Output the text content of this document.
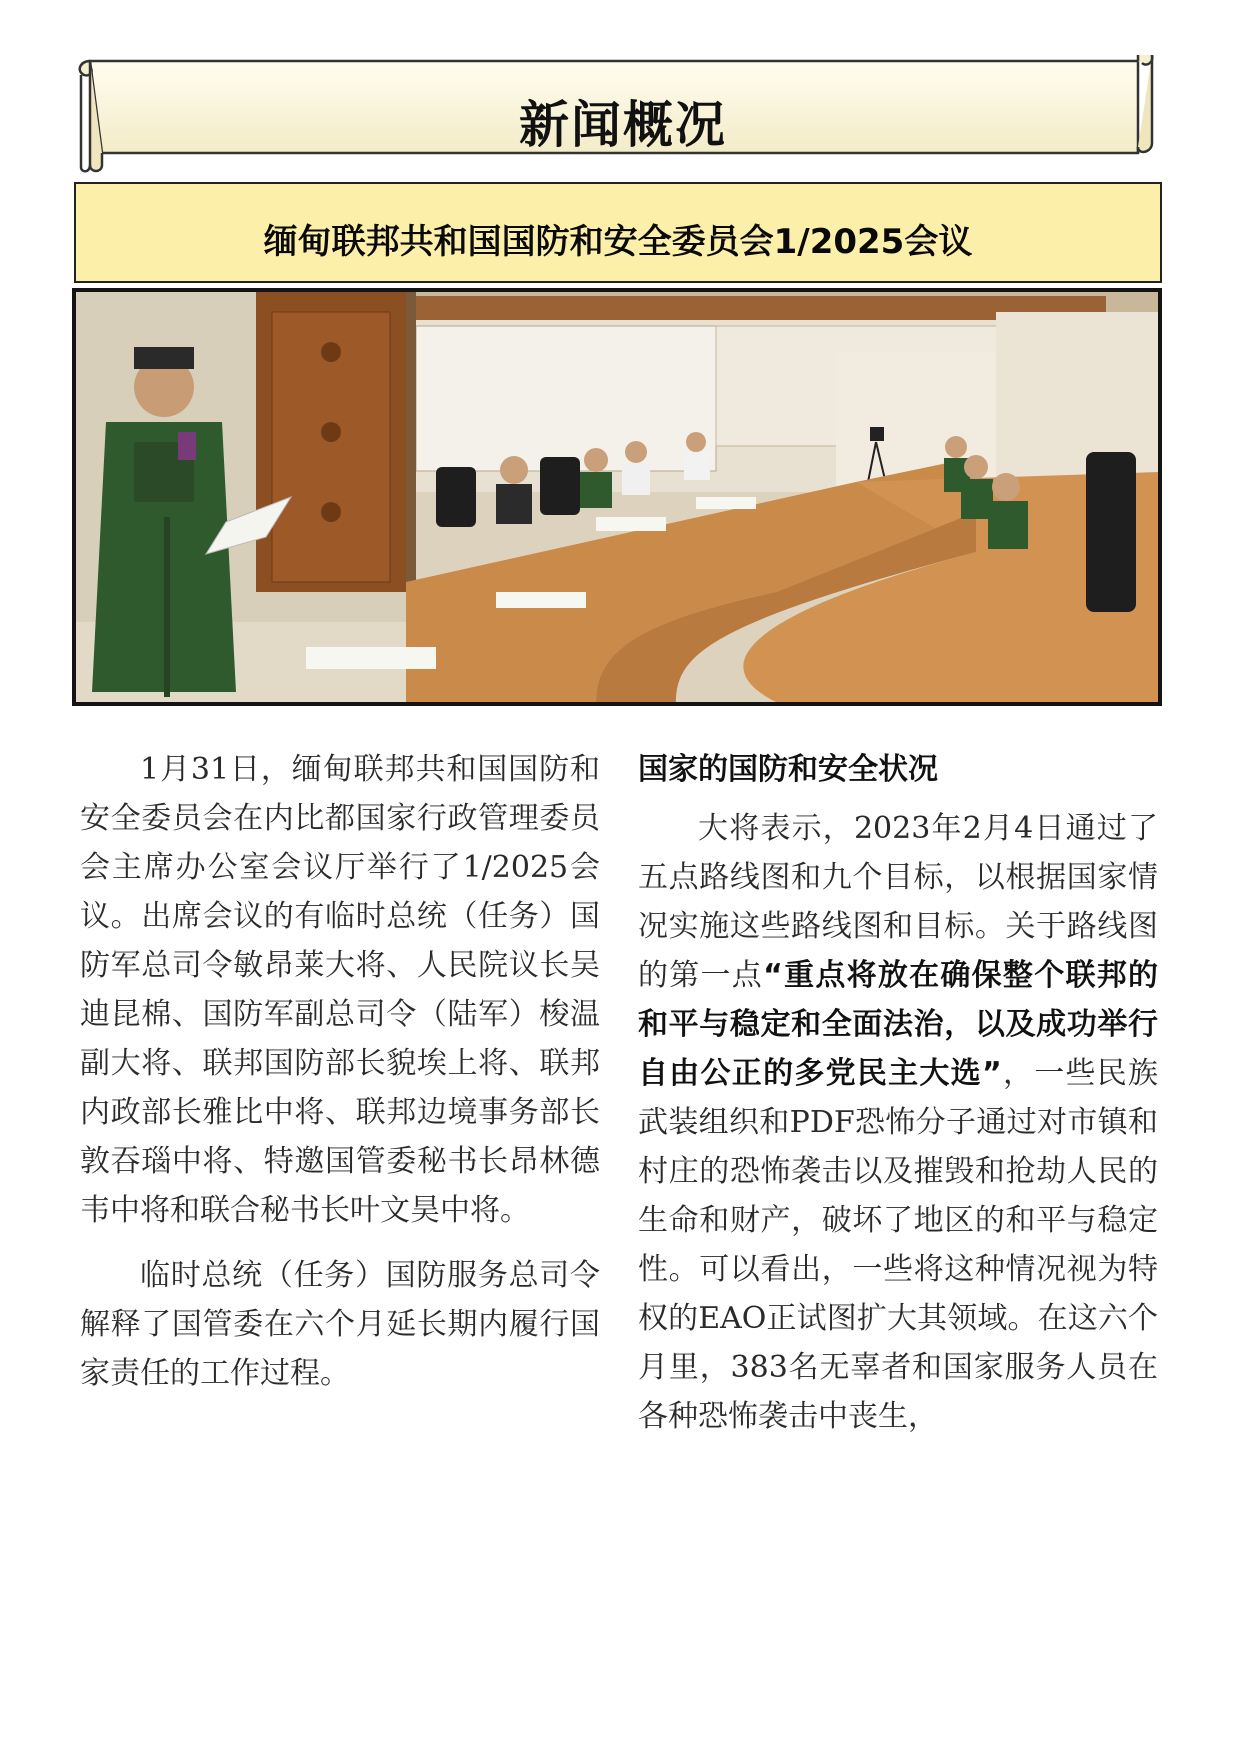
新闻概况
缅甸联邦共和国国防和安全委员会1/2025会议

1月31日，缅甸联邦共和国国防和安全委员会在内比都国家行政管理委员会主席办公室会议厅举行了1/2025会议。出席会议的有临时总统（任务）国防军总司令敏昂莱大将、人民院议长吴迪昆棉、国防军副总司令（陆军）梭温副大将、联邦国防部长貌埃上将、联邦内政部长雅比中将、联邦边境事务部长敦吞瑙中将、特邀国管委秘书长昂林德韦中将和联合秘书长叶文昊中将。

临时总统（任务）国防服务总司令解释了国管委在六个月延长期内履行国家责任的工作过程。

国家的国防和安全状况

大将表示，2023年2月4日通过了五点路线图和九个目标，以根据国家情况实施这些路线图和目标。关于路线图的第一点“重点将放在确保整个联邦的和平与稳定和全面法治，以及成功举行自由公正的多党民主大选”，一些民族武装组织和PDF恐怖分子通过对市镇和村庄的恐怖袭击以及摧毁和抢劫人民的生命和财产，破坏了地区的和平与稳定性。可以看出，一些将这种情况视为特权的EAO正试图扩大其领域。在这六个月里，383名无辜者和国家服务人员在各种恐怖袭击中丧生，
